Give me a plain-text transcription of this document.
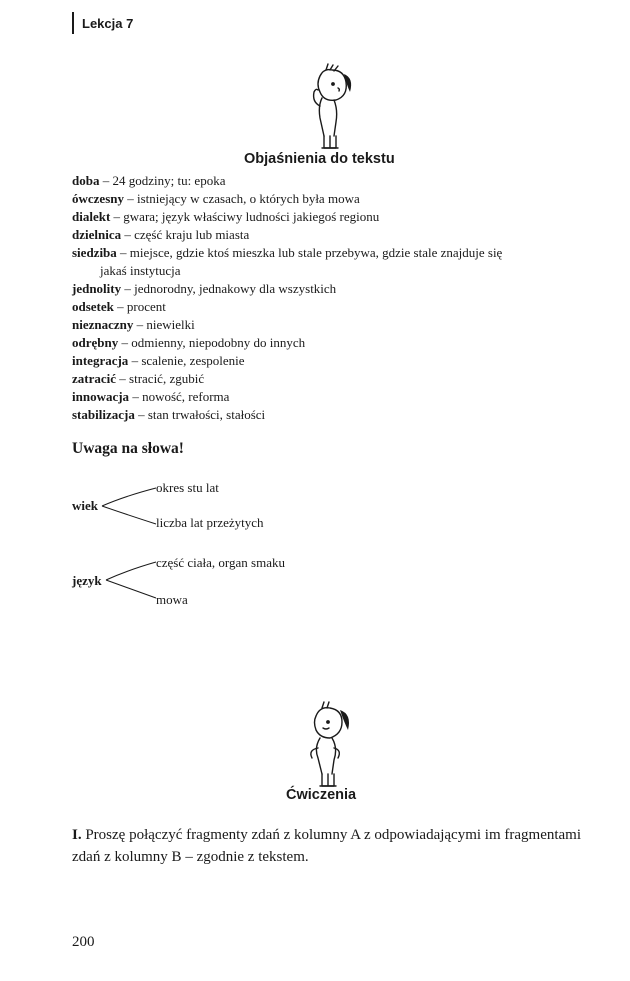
Lekcja 7
Objaśnienia do tekstu
doba – 24 godziny; tu: epoka
ówczesny – istniejący w czasach, o których była mowa
dialekt – gwara; język właściwy ludności jakiegoś regionu
dzielnica – część kraju lub miasta
siedziba – miejsce, gdzie ktoś mieszka lub stale przebywa, gdzie stale znajduje się
jakaś instytucja
jednolity – jednorodny, jednakowy dla wszystkich
odsetek – procent
nieznaczny – niewielki
odrębny – odmienny, niepodobny do innych
integracja – scalenie, zespolenie
zatracić – stracić, zgubić
innowacja – nowość, reforma
stabilizacja – stan trwałości, stałości
Uwaga na słowa!
wiek
okres stu lat
liczba lat przeżytych
język
część ciała, organ smaku
mowa
Ćwiczenia
I. Proszę połączyć fragmenty zdań z kolumny A z odpowiadającymi im fragmentami zdań z kolumny B – zgodnie z tekstem.
200
